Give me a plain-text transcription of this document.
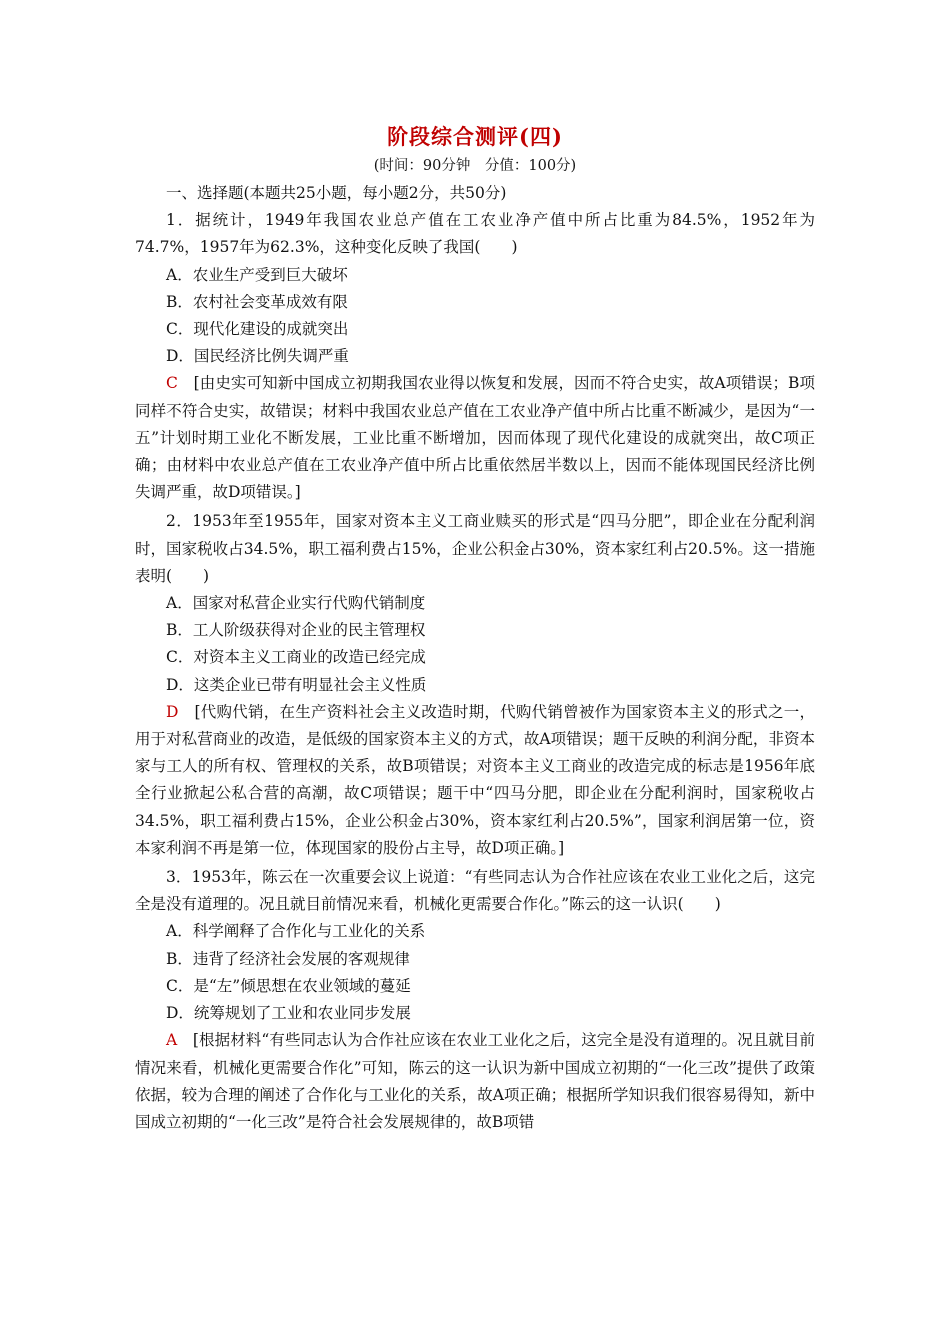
阶段综合测评(四)
(时间：90分钟　分值：100分)

一、选择题(本题共25小题，每小题2分，共50分)

1．据统计，1949年我国农业总产值在工农业净产值中所占比重为84.5%，1952年为74.7%，1957年为62.3%，这种变化反映了我国(　　)

A．农业生产受到巨大破坏

B．农村社会变革成效有限

C．现代化建设的成就突出

D．国民经济比例失调严重

C　 [由史实可知新中国成立初期我国农业得以恢复和发展，因而不符合史实，故A项错误；B项同样不符合史实，故错误；材料中我国农业总产值在工农业净产值中所占比重不断减少，是因为“一五”计划时期工业化不断发展，工业比重不断增加，因而体现了现代化建设的成就突出，故C项正确；由材料中农业总产值在工农业净产值中所占比重依然居半数以上，因而不能体现国民经济比例失调严重，故D项错误。]

2．1953年至1955年，国家对资本主义工商业赎买的形式是“四马分肥”，即企业在分配利润时，国家税收占34.5%，职工福利费占15%，企业公积金占30%，资本家红利占20.5%。这一措施表明(　　)

A．国家对私营企业实行代购代销制度

B．工人阶级获得对企业的民主管理权

C．对资本主义工商业的改造已经完成

D．这类企业已带有明显社会主义性质

D　 [代购代销，在生产资料社会主义改造时期，代购代销曾被作为国家资本主义的形式之一，用于对私营商业的改造，是低级的国家资本主义的方式，故A项错误；题干反映的利润分配，非资本家与工人的所有权、管理权的关系，故B项错误；对资本主义工商业的改造完成的标志是1956年底全行业掀起公私合营的高潮，故C项错误；题干中“四马分肥，即企业在分配利润时，国家税收占34.5%，职工福利费占15%，企业公积金占30%，资本家红利占20.5%”，国家利润居第一位，资本家利润不再是第一位，体现国家的股份占主导，故D项正确。]

3．1953年，陈云在一次重要会议上说道：“有些同志认为合作社应该在农业工业化之后，这完全是没有道理的。况且就目前情况来看，机械化更需要合作化。”陈云的这一认识(　　)

A．科学阐释了合作化与工业化的关系

B．违背了经济社会发展的客观规律

C．是“左”倾思想在农业领域的蔓延

D．统筹规划了工业和农业同步发展

A　 [根据材料“有些同志认为合作社应该在农业工业化之后，这完全是没有道理的。况且就目前情况来看，机械化更需要合作化”可知，陈云的这一认识为新中国成立初期的“一化三改”提供了政策依据，较为合理的阐述了合作化与工业化的关系，故A项正确；根据所学知识我们很容易得知，新中国成立初期的“一化三改”是符合社会发展规律的，故B项错
